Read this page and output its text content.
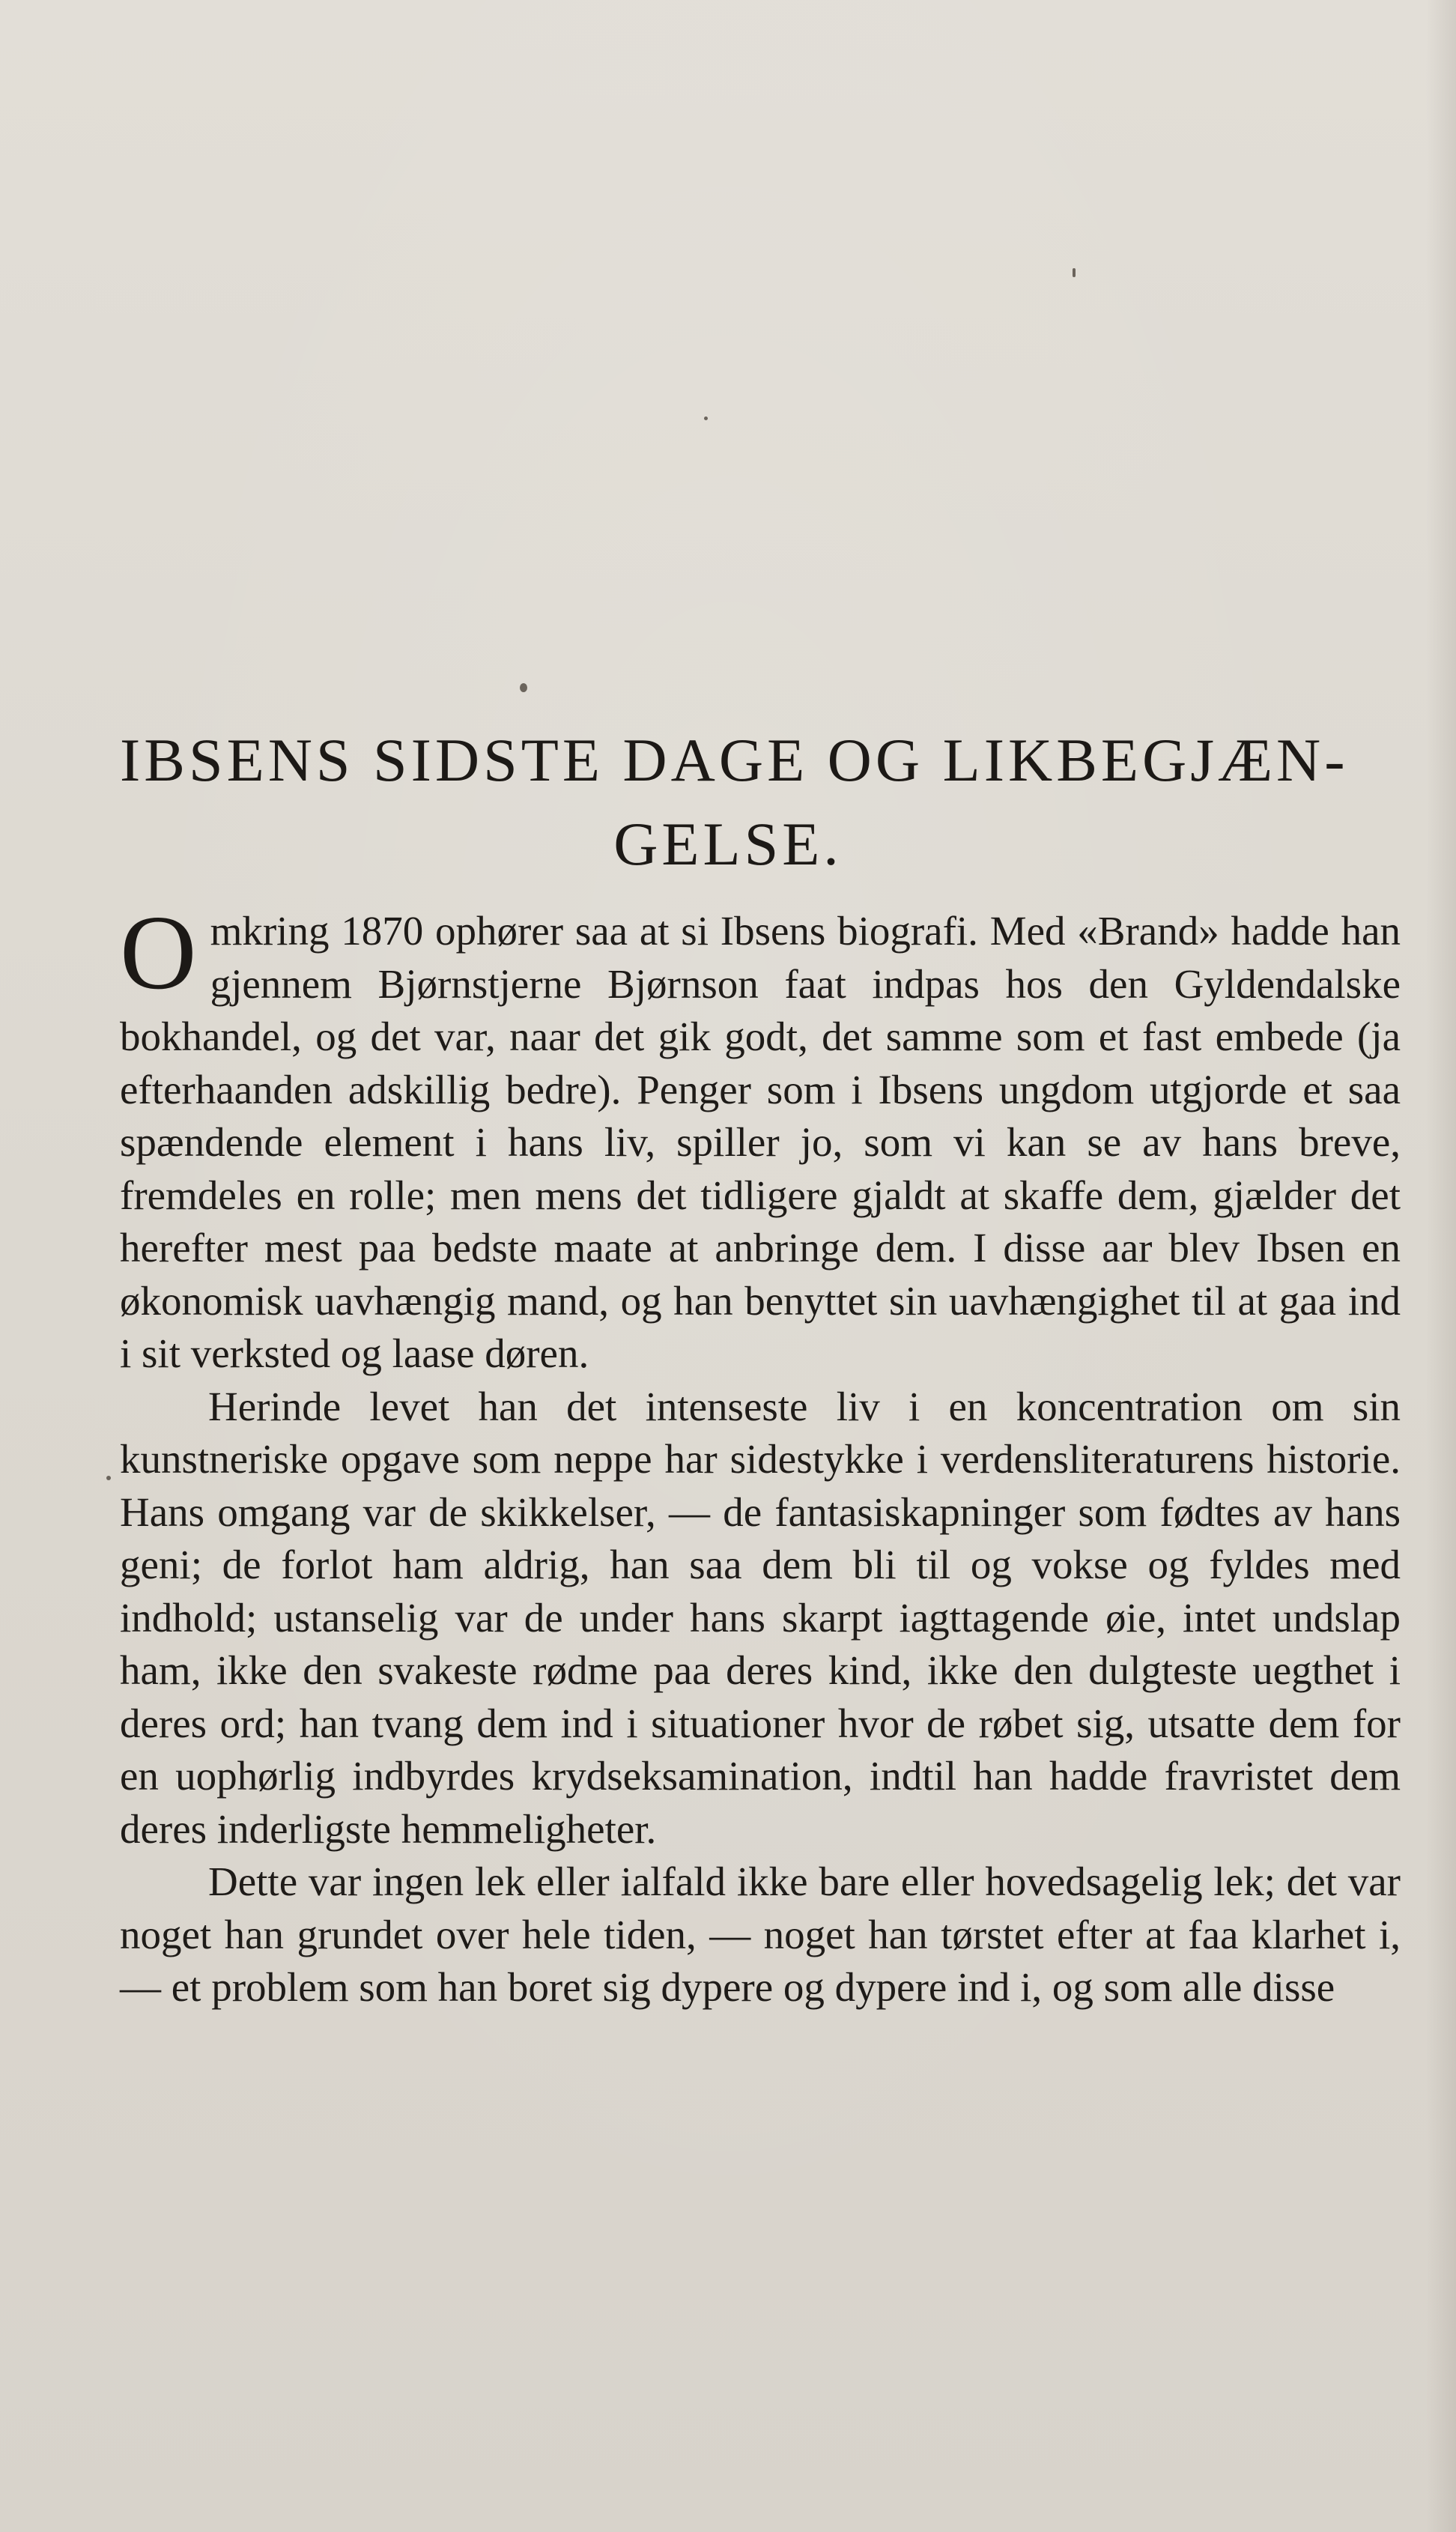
IBSENS SIDSTE DAGE OG LIKBEGJÆN-
GELSE.

Omkring 1870 ophører saa at si Ibsens biografi. Med «Brand» hadde han gjennem Bjørnstjerne Bjørnson faat indpas hos den Gyldendalske bokhandel, og det var, naar det gik godt, det samme som et fast embede (ja efterhaanden adskillig bedre). Penger som i Ibsens ungdom utgjorde et saa spændende element i hans liv, spiller jo, som vi kan se av hans breve, fremdeles en rolle; men mens det tidligere gjaldt at skaffe dem, gjælder det herefter mest paa bedste maate at anbringe dem. I disse aar blev Ibsen en økonomisk uavhængig mand, og han benyttet sin uavhængighet til at gaa ind i sit verksted og laase døren.

Herinde levet han det intenseste liv i en koncentration om sin kunstneriske opgave som neppe har sidestykke i verdensliteraturens historie. Hans omgang var de skikkelser, — de fantasiskapninger som fødtes av hans geni; de forlot ham aldrig, han saa dem bli til og vokse og fyldes med indhold; ustanselig var de under hans skarpt iagttagende øie, intet undslap ham, ikke den svakeste rødme paa deres kind, ikke den dulgteste uegthet i deres ord; han tvang dem ind i situationer hvor de røbet sig, utsatte dem for en uophørlig indbyrdes krydseksamination, indtil han hadde fravristet dem deres inderligste hemmeligheter.

Dette var ingen lek eller ialfald ikke bare eller hovedsagelig lek; det var noget han grundet over hele tiden, — noget han tørstet efter at faa klarhet i, — et problem som han boret sig dypere og dypere ind i, og som alle disse
